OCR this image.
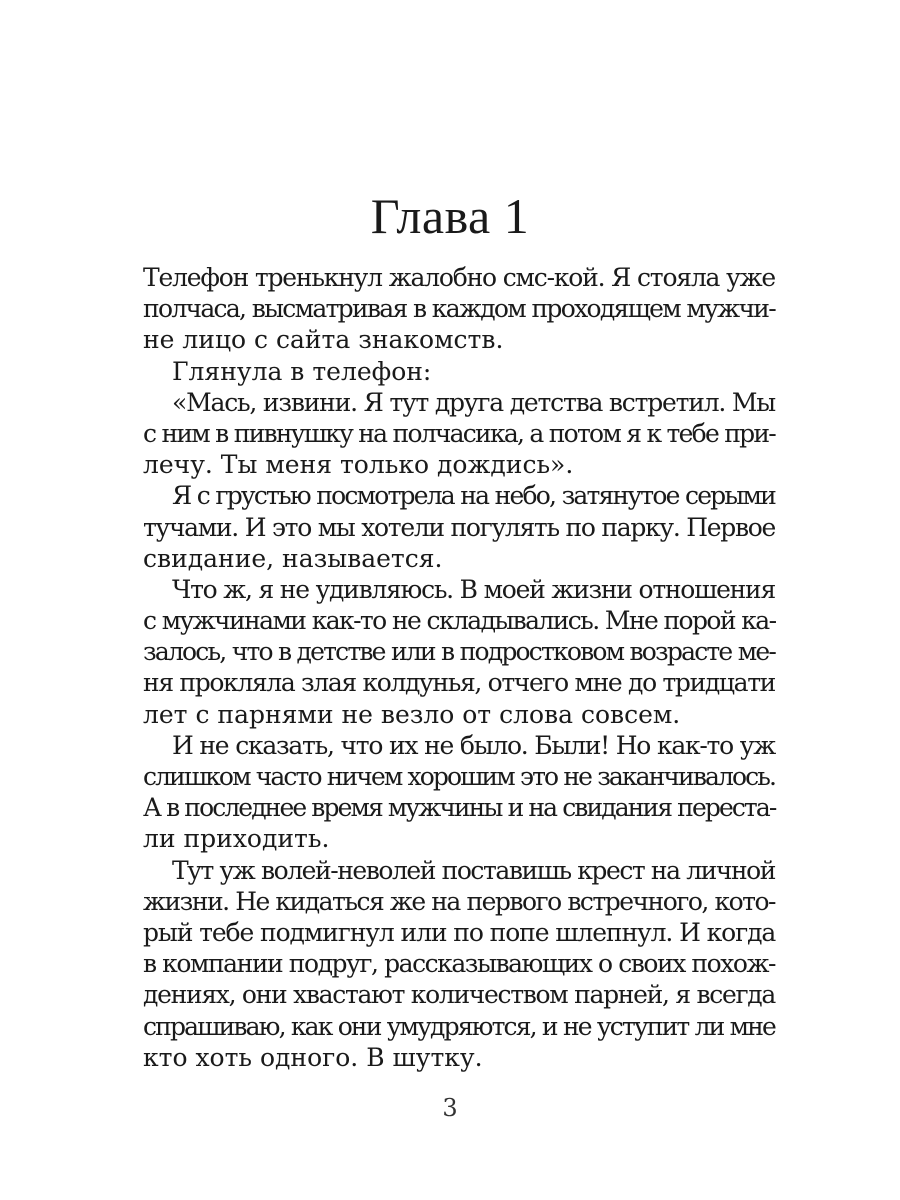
Глава 1
Телефон тренькнул жалобно смс-кой. Я стояла уже
полчаса, высматривая в каждом проходящем мужчи-
не лицо с сайта знакомств.
Глянула в телефон:
«Мась, извини. Я тут друга детства встретил. Мы
с ним в пивнушку на полчасика, а потом я к тебе при-
лечу. Ты меня только дождись».
Я с грустью посмотрела на небо, затянутое серыми
тучами. И это мы хотели погулять по парку. Первое
свидание, называется.
Что ж, я не удивляюсь. В моей жизни отношения
с мужчинами как-то не складывались. Мне порой ка-
залось, что в детстве или в подростковом возрасте ме-
ня прокляла злая колдунья, отчего мне до тридцати
лет с парнями не везло от слова совсем.
И не сказать, что их не было. Были! Но как-то уж
слишком часто ничем хорошим это не заканчивалось.
А в последнее время мужчины и на свидания переста-
ли приходить.
Тут уж волей-неволей поставишь крест на личной
жизни. Не кидаться же на первого встречного, кото-
рый тебе подмигнул или по попе шлепнул. И когда
в компании подруг, рассказывающих о своих похож-
дениях, они хвастают количеством парней, я всегда
спрашиваю, как они умудряются, и не уступит ли мне
кто хоть одного. В шутку.
3
